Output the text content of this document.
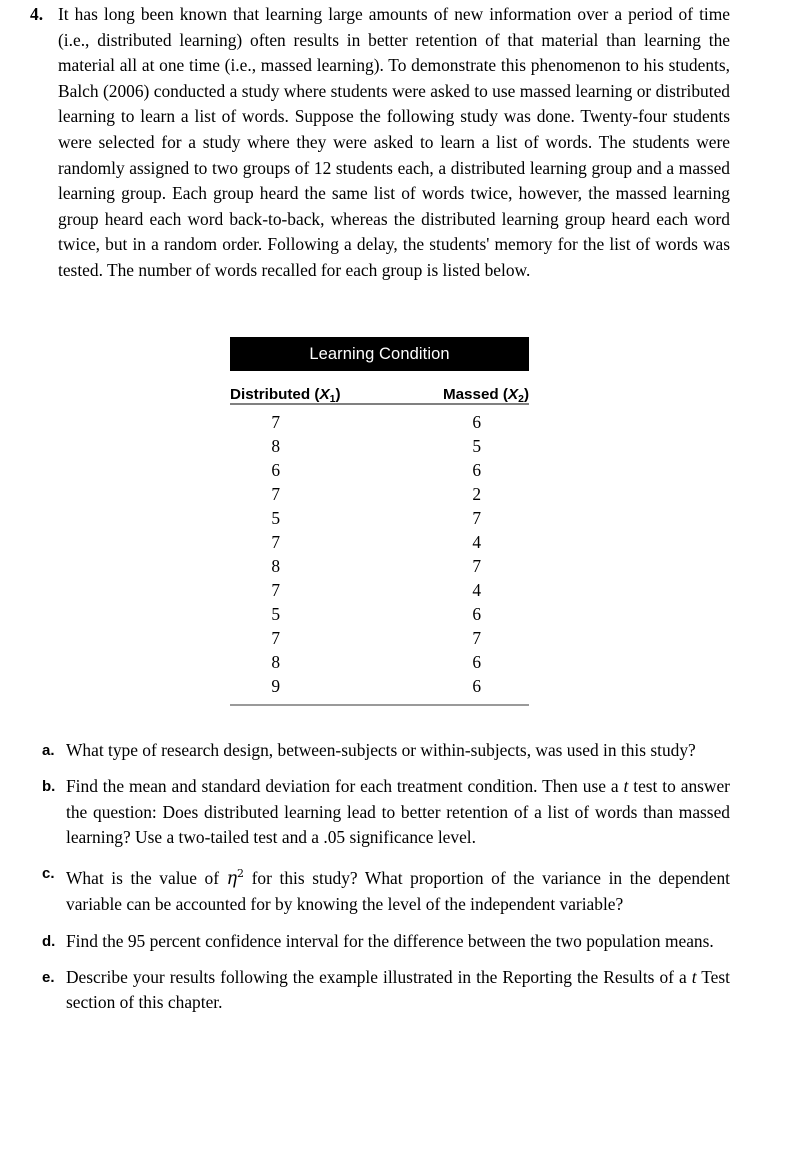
4. It has long been known that learning large amounts of new information over a period of time (i.e., distributed learning) often results in better retention of that material than learning the material all at one time (i.e., massed learning). To demonstrate this phenomenon to his students, Balch (2006) conducted a study where students were asked to use massed learning or distributed learning to learn a list of words. Suppose the following study was done. Twenty-four students were selected for a study where they were asked to learn a list of words. The students were randomly assigned to two groups of 12 students each, a distributed learning group and a massed learning group. Each group heard the same list of words twice, however, the massed learning group heard each word back-to-back, whereas the distributed learning group heard each word twice, but in a random order. Following a delay, the students' memory for the list of words was tested. The number of words recalled for each group is listed below.
Learning Condition
Distributed $(X_1)$	Massed $(X_2)$
7	6
8	5
6	6
7	2
5	7
7	4
8	7
7	4
5	6
7	7
8	6
9	6
a. What type of research design, between-subjects or within-subjects, was used in this study?
b. Find the mean and standard deviation for each treatment condition. Then use a t test to answer the question: Does distributed learning lead to better retention of a list of words than massed learning? Use a two-tailed test and a .05 significance level.
c. What is the value of $\eta^2$ for this study? What proportion of the variance in the dependent variable can be accounted for by knowing the level of the independent variable?
d. Find the 95 percent confidence interval for the difference between the two population means.
e. Describe your results following the example illustrated in the Reporting the Results of a t Test section of this chapter.
